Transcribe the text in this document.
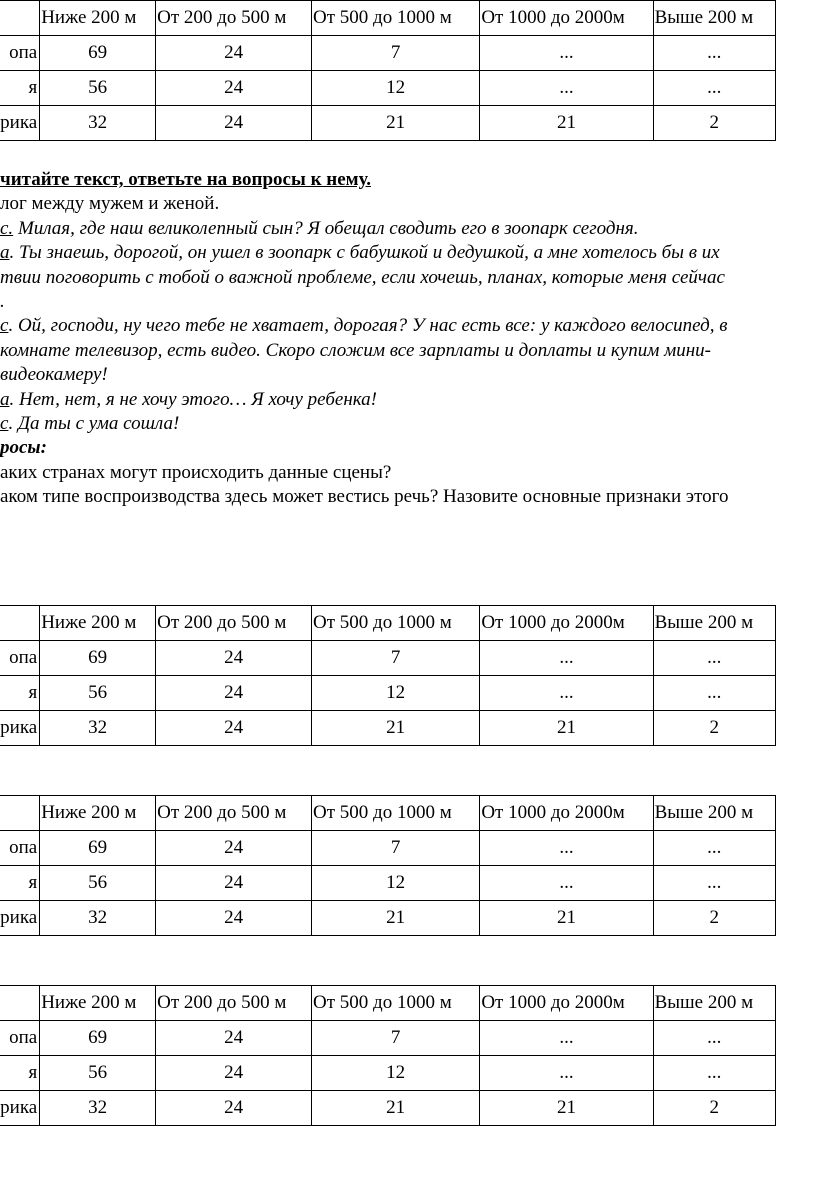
	Ниже 200 м	От 200 до 500 м	От 500 до 1000 м	От 1000 до 2000м	Выше 200 м
опа	69	24	7	...	...
я	56	24	12	...	...
рика	32	24	21	21	2
читайте текст, ответьте на вопросы к нему.
лог между мужем и женой.
с. Милая, где наш великолепный сын? Я обещал сводить его в зоопарк сегодня.
а. Ты знаешь, дорогой, он ушел в зоопарк с бабушкой и дедушкой, а мне хотелось бы в их
твии поговорить с тобой о важной проблеме, если хочешь, планах, которые меня сейчас
.
с. Ой, господи, ну чего тебе не хватает, дорогая? У нас есть все: у каждого велосипед, в
комнате телевизор, есть видео. Скоро сложим все зарплаты и доплаты и купим мини-
видеокамеру!
а. Нет, нет, я не хочу этого… Я хочу ребенка!
с. Да ты с ума сошла!
росы:
аких странах могут происходить данные сцены?
аком типе воспроизводства здесь может вестись речь? Назовите основные признаки этого
	Ниже 200 м	От 200 до 500 м	От 500 до 1000 м	От 1000 до 2000м	Выше 200 м
опа	69	24	7	...	...
я	56	24	12	...	...
рика	32	24	21	21	2
	Ниже 200 м	От 200 до 500 м	От 500 до 1000 м	От 1000 до 2000м	Выше 200 м
опа	69	24	7	...	...
я	56	24	12	...	...
рика	32	24	21	21	2
	Ниже 200 м	От 200 до 500 м	От 500 до 1000 м	От 1000 до 2000м	Выше 200 м
опа	69	24	7	...	...
я	56	24	12	...	...
рика	32	24	21	21	2
